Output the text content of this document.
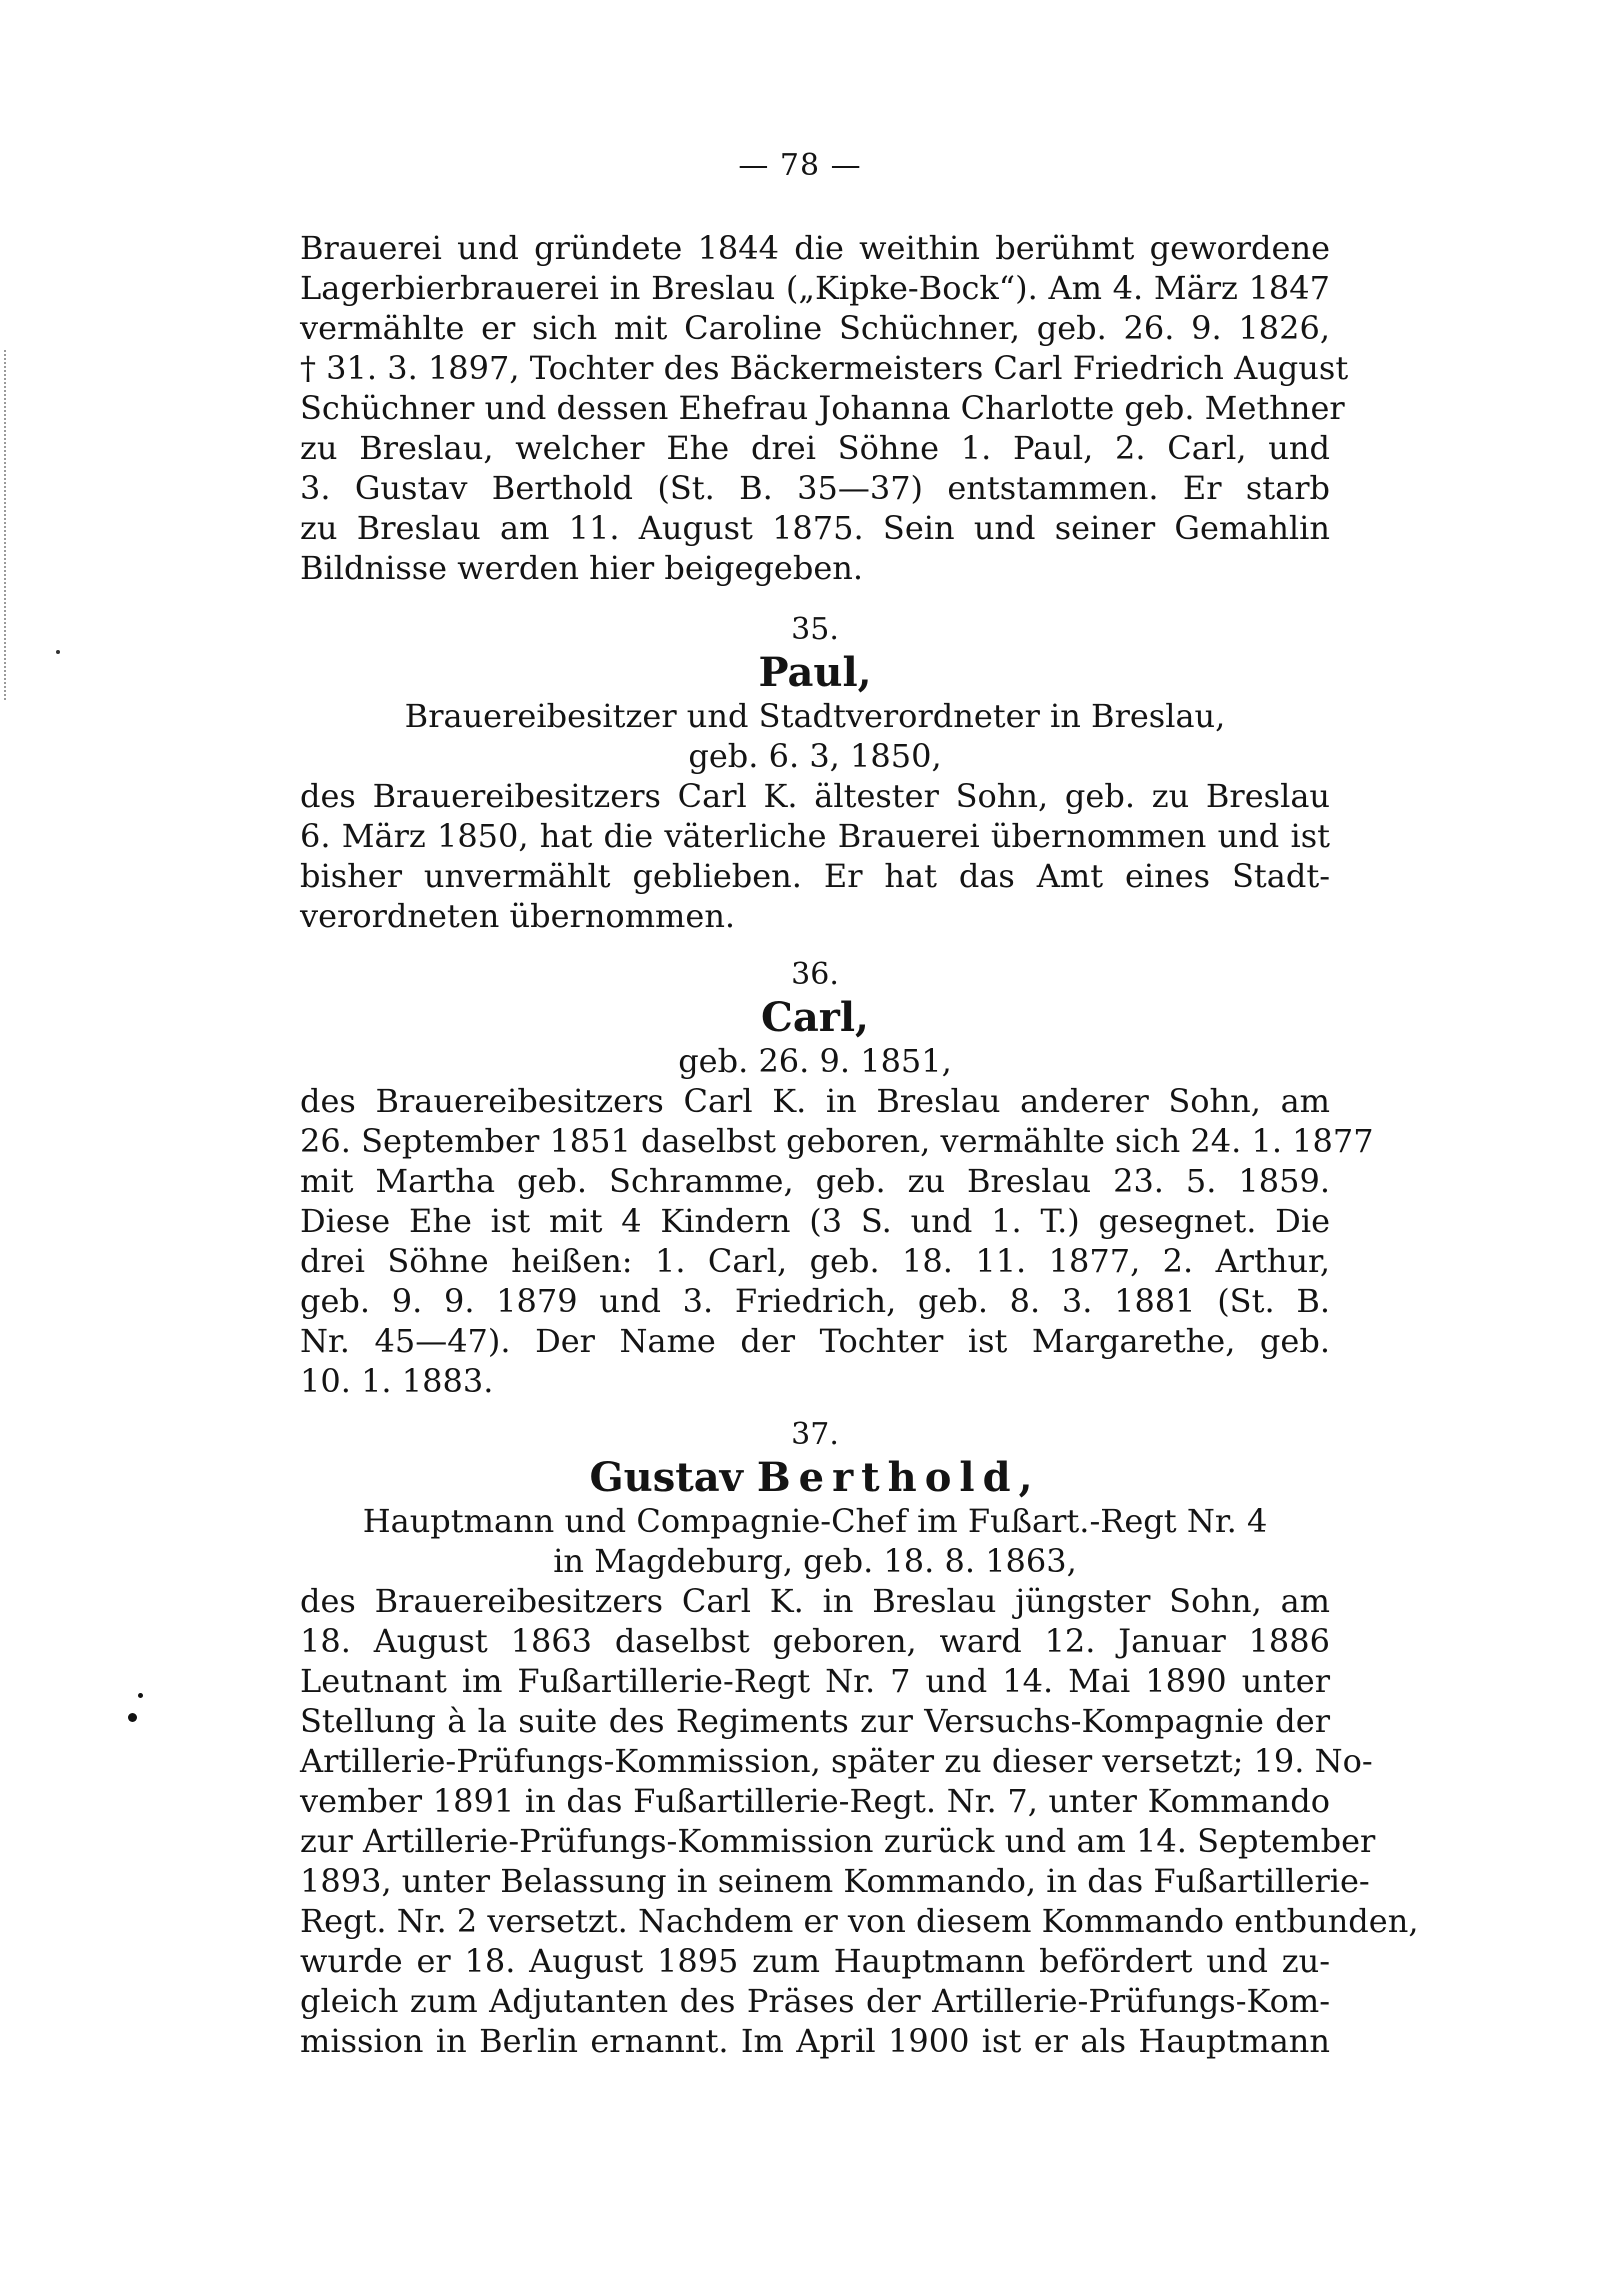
— 78 —
Brauerei und gründete 1844 die weithin berühmt gewordene
Lagerbierbrauerei in Breslau („Kipke-Bock“). Am 4. März 1847
vermählte er sich mit Caroline Schüchner, geb. 26. 9. 1826,
† 31. 3. 1897, Tochter des Bäckermeisters Carl Friedrich August
Schüchner und dessen Ehefrau Johanna Charlotte geb. Methner
zu Breslau, welcher Ehe drei Söhne 1. Paul, 2. Carl, und
3. Gustav Berthold (St. B. 35—37) entstammen. Er starb
zu Breslau am 11. August 1875. Sein und seiner Gemahlin
Bildnisse werden hier beigegeben.
35.
Paul,
Brauereibesitzer und Stadtverordneter in Breslau,
geb. 6. 3, 1850,
des Brauereibesitzers Carl K. ältester Sohn, geb. zu Breslau
6. März 1850, hat die väterliche Brauerei übernommen und ist
bisher unvermählt geblieben. Er hat das Amt eines Stadt-
verordneten übernommen.
36.
Carl,
geb. 26. 9. 1851,
des Brauereibesitzers Carl K. in Breslau anderer Sohn, am
26. September 1851 daselbst geboren, vermählte sich 24. 1. 1877
mit Martha geb. Schramme, geb. zu Breslau 23. 5. 1859.
Diese Ehe ist mit 4 Kindern (3 S. und 1. T.) gesegnet. Die
drei Söhne heißen: 1. Carl, geb. 18. 11. 1877, 2. Arthur,
geb. 9. 9. 1879 und 3. Friedrich, geb. 8. 3. 1881 (St. B.
Nr. 45—47). Der Name der Tochter ist Margarethe, geb.
10. 1. 1883.
37.
Gustav Berthold,
Hauptmann und Compagnie-Chef im Fußart.-Regt Nr. 4
in Magdeburg, geb. 18. 8. 1863,
des Brauereibesitzers Carl K. in Breslau jüngster Sohn, am
18. August 1863 daselbst geboren, ward 12. Januar 1886
Leutnant im Fußartillerie-Regt Nr. 7 und 14. Mai 1890 unter
Stellung à la suite des Regiments zur Versuchs-Kompagnie der
Artillerie-Prüfungs-Kommission, später zu dieser versetzt; 19. No-
vember 1891 in das Fußartillerie-Regt. Nr. 7, unter Kommando
zur Artillerie-Prüfungs-Kommission zurück und am 14. September
1893, unter Belassung in seinem Kommando, in das Fußartillerie-
Regt. Nr. 2 versetzt. Nachdem er von diesem Kommando entbunden,
wurde er 18. August 1895 zum Hauptmann befördert und zu-
gleich zum Adjutanten des Präses der Artillerie-Prüfungs-Kom-
mission in Berlin ernannt. Im April 1900 ist er als Hauptmann
